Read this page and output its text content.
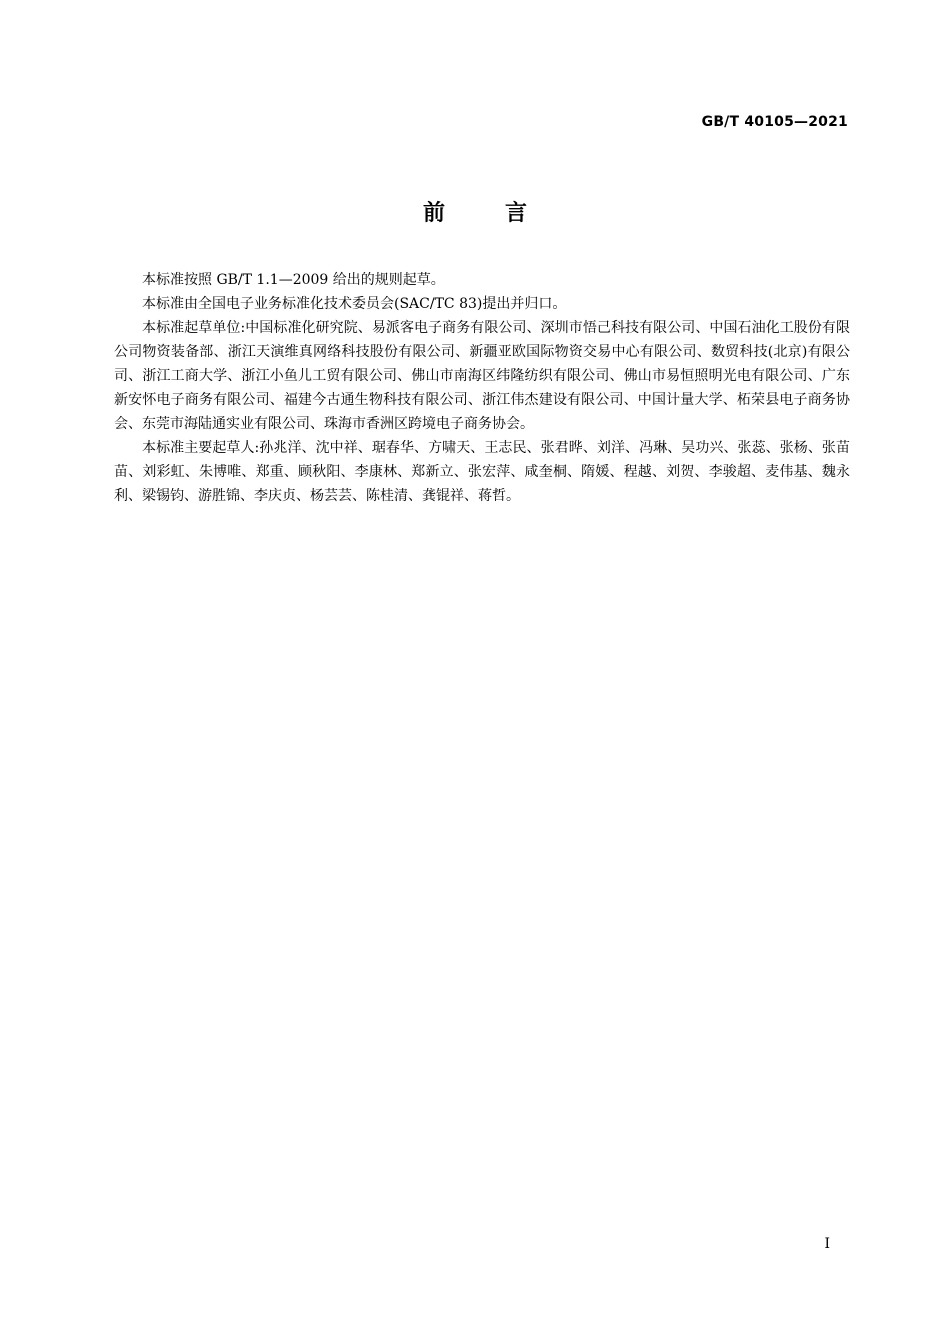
GB/T 40105—2021
前言

本标准按照 GB/T 1.1—2009 给出的规则起草。

本标准由全国电子业务标准化技术委员会(SAC/TC 83)提出并归口。

本标准起草单位:中国标准化研究院、易派客电子商务有限公司、深圳市悟己科技有限公司、中国石油化工股份有限公司物资装备部、浙江天演维真网络科技股份有限公司、新疆亚欧国际物资交易中心有限公司、数贸科技(北京)有限公司、浙江工商大学、浙江小鱼儿工贸有限公司、佛山市南海区纬隆纺织有限公司、佛山市易恒照明光电有限公司、广东新安怀电子商务有限公司、福建今古通生物科技有限公司、浙江伟杰建设有限公司、中国计量大学、柘荣县电子商务协会、东莞市海陆通实业有限公司、珠海市香洲区跨境电子商务协会。

本标准主要起草人:孙兆洋、沈中祥、琚春华、方啸天、王志民、张君晔、刘洋、冯琳、吴功兴、张蕊、张杨、张苗苗、刘彩虹、朱博唯、郑重、顾秋阳、李康林、郑新立、张宏萍、咸奎桐、隋媛、程越、刘贺、李骏超、麦伟基、魏永利、梁锡钧、游胜锦、李庆贞、杨芸芸、陈桂清、龚锟祥、蒋哲。

I
